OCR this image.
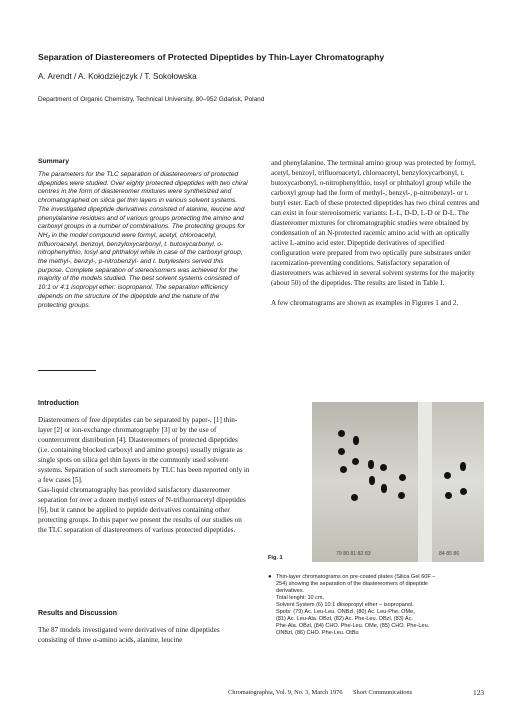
Separation of Diastereomers of Protected Dipeptides by Thin-Layer Chromatography
A. Arendt / A. Kołodziejczyk / T. Sokołowska
Department of Organic Chemistry, Technical University, 80–952 Gdańsk, Poland
Summary

The parameters for the TLC separation of diastereomers of protected dipeptides were studied. Over eighty protected dipeptides with two chiral centres in the form of diastereomer mixtures were synthesized and chromatographed on silica gel thin layers in various solvent systems. The investigated dipeptide derivatives consisted of alanine, leucine and phenylalanine residues and of various groups protecting the amino and carboxyl groups in a number of combinations. The protecting groups for NH₂ in the model compound were formyl, acetyl, chloroacetyl, trifluoroacetyl, benzoyl, benzyloxycarbonyl, t. butoxycarbonyl, o-nitrophenylthio, tosyl and phthaloyl while in case of the carboxyl group, the methyl-, benzyl-, p-nitrobenzyl- and t. butylesters served this purpose. Complete separation of stereoisomers was achieved for the majority of the models studied. The best solvent systems consisted of 10:1 or 4:1 isopropyl ether: isopropanol. The separation efficiency depends on the structure of the dipeptide and the nature of the protecting groups.

Introduction

Diastereomers of free dipeptides can be separated by paper-, [1] thin-layer [2] or ion-exchange chromatography [3] or by the use of countercurrent distribution [4]. Diastereomers of protected dipeptides (i.e. containing blocked carboxyl and amino groups) usually migrate as single spots on silica gel thin layers in the commonly used solvent systems. Separation of such stereomers by TLC has been reported only in a few cases [5].

Gas-liquid chromatography has provided satisfactory diastereomer separation for over a dozen methyl esters of N-trifluoroacetyl dipeptides [6], but it cannot be applied to peptide derivatives containing other protecting groups. In this paper we present the results of our studies on the TLC separation of diastereomers of various protected dipeptides.

Results and Discussion

The 87 models investigated were derivatives of nine dipeptides consisting of three α-amino acids, alanine, leucine

and phenylalanine. The terminal amino group was protected by formyl, acetyl, benzoyl, trifluoroacetyl, chloroacetyl, benzyloxycarbonyl, t. butoxycarbonyl, o-nitrophenylthio, tosyl or phthaloyl group while the carboxyl group had the form of methyl-, benzyl-, p-nitrobenzyl- or t. butyl ester. Each of these protected dipeptides has two chiral centres and can exist in four stereoisomeric variants: L-L, D-D, L-D or D-L. The diastereomer mixtures for chromatographic studies were obtained by condensation of an N-protected racemic amino acid with an optically active L-amino acid ester. Dipeptide derivatives of specified configuration were prepared from two optically pure substrates under racemization-preventing conditions. Satisfactory separation of diastereomers was achieved in several solvent systems for the majority (about 50) of the dipeptides. The results are listed in Table I.

A few chromatograms are shown as examples in Figures 1 and 2.

79 80 81 82 83	84 85 86
Fig. 1
● Thin-layer chromatograms on pre-coated plates (Silica Gel 60F –
254) showing the separation of the diastereomers of dipeptide
derivatives.
Total lenght: 10 cm.
Solvent System (6) 10:1 diisopropyl ether – isopropanol.
Spots: (79) Ac. Leu-Leu. ONBzl, (80) Ac. Leu-Phe. OMe,
(81) Ac. Leu-Ala. OBzl, (82) Ac. Phe-Leu. OBzl, (83) Ac.
Phe-Ala. OBzl, (84) CHO. Phe-Leu. OMe, (85) CHO. Phe-Leu.
ONBzl, (86) CHO. Phe-Leu. OtBu
Chromatographia, Vol. 9, No. 3, March 1976 Short Communications	123
